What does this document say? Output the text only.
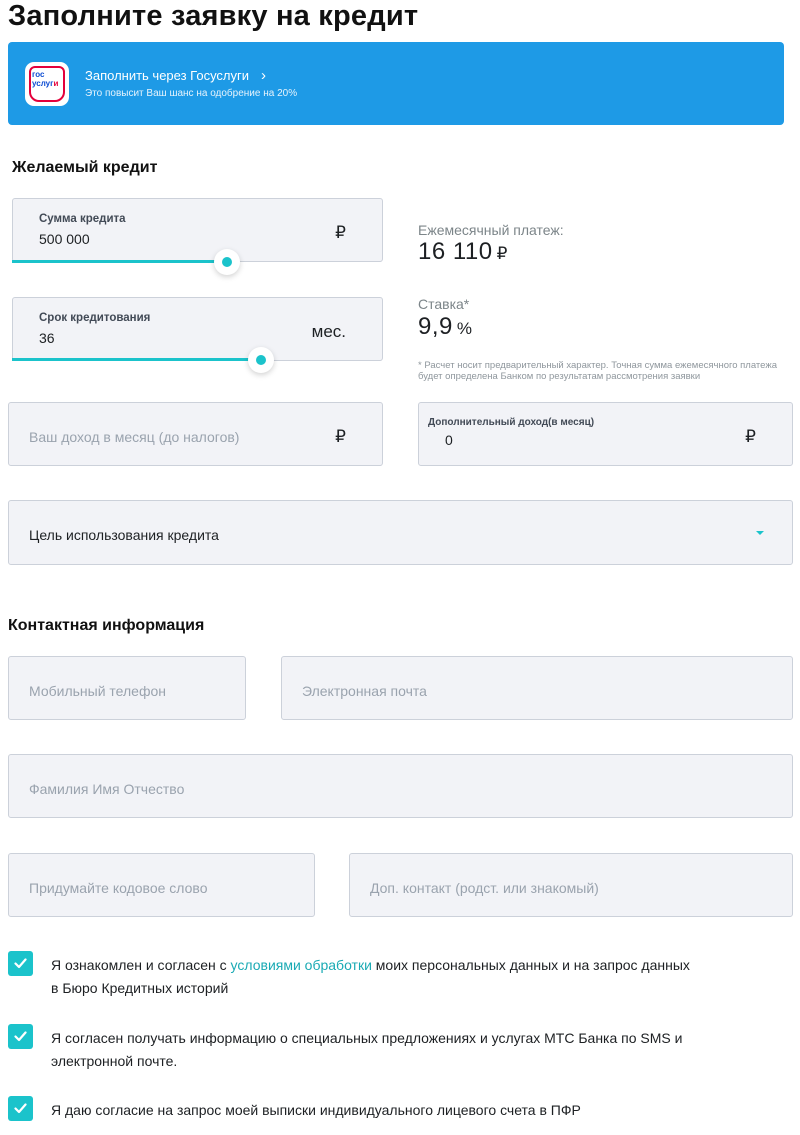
Заполните заявку на кредит
гос
услуги
Заполнить через Госуслуги ›
Это повысит Ваш шанс на одобрение на 20%
Желаемый кредит
Сумма кредита
500 000	₽
Срок кредитования
36	мес.
Ежемесячный платеж:
16 110 ₽
Ставка*
9,9 %
* Расчет носит предварительный характер. Точная сумма ежемесячного платежа будет определена Банком по результатам рассмотрения заявки
Ваш доход в месяц (до налогов)	₽
Дополнительный доход(в месяц)
0	₽
Цель использования кредита
Контактная информация
Мобильный телефон	Электронная почта
Фамилия Имя Отчество
Придумайте кодовое слово	Доп. контакт (родст. или знакомый)
Я ознакомлен и согласен с условиями обработки моих персональных данных и на запрос данных в Бюро Кредитных историй
Я согласен получать информацию о специальных предложениях и услугах МТС Банка по SMS и электронной почте.
Я даю согласие на запрос моей выписки индивидуального лицевого счета в ПФР
